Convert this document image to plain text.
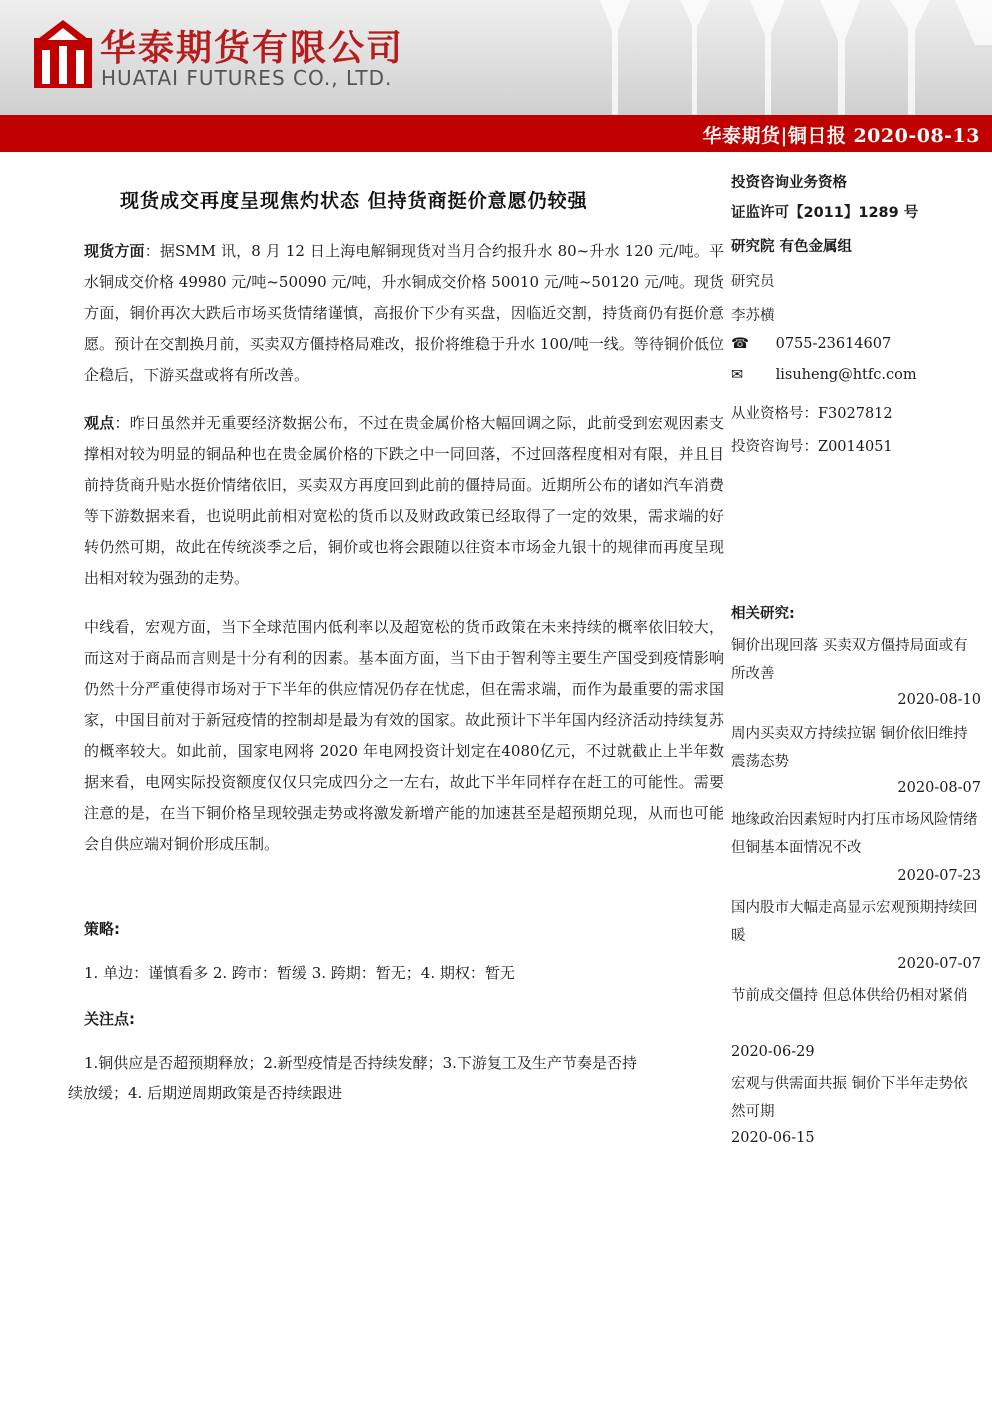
华泰期货有限公司
HUATAI FUTURES CO., LTD.
华泰期货|铜日报 2020-08-13
现货成交再度呈现焦灼状态 但持货商挺价意愿仍较强
现货方面：据SMM 讯，8 月 12 日上海电解铜现货对当月合约报升水 80~升水 120 元/吨。平水铜成交价格 49980 元/吨~50090 元/吨，升水铜成交价格 50010 元/吨~50120 元/吨。现货方面，铜价再次大跌后市场买货情绪谨慎，高报价下少有买盘，因临近交割，持货商仍有挺价意愿。预计在交割换月前，买卖双方僵持格局难改，报价将维稳于升水 100/吨一线。等待铜价低位企稳后，下游买盘或将有所改善。
观点：昨日虽然并无重要经济数据公布，不过在贵金属价格大幅回调之际，此前受到宏观因素支撑相对较为明显的铜品种也在贵金属价格的下跌之中一同回落，不过回落程度相对有限，并且目前持货商升贴水挺价情绪依旧，买卖双方再度回到此前的僵持局面。近期所公布的诸如汽车消费等下游数据来看，也说明此前相对宽松的货币以及财政政策已经取得了一定的效果，需求端的好转仍然可期，故此在传统淡季之后，铜价或也将会跟随以往资本市场金九银十的规律而再度呈现出相对较为强劲的走势。
中线看，宏观方面，当下全球范围内低利率以及超宽松的货币政策在未来持续的概率依旧较大，而这对于商品而言则是十分有利的因素。基本面方面，当下由于智利等主要生产国受到疫情影响仍然十分严重使得市场对于下半年的供应情况仍存在忧虑，但在需求端，而作为最重要的需求国家，中国目前对于新冠疫情的控制却是最为有效的国家。故此预计下半年国内经济活动持续复苏的概率较大。如此前，国家电网将 2020 年电网投资计划定在4080亿元，不过就截止上半年数据来看，电网实际投资额度仅仅只完成四分之一左右，故此下半年同样存在赶工的可能性。需要注意的是，在当下铜价格呈现较强走势或将激发新增产能的加速甚至是超预期兑现，从而也可能会自供应端对铜价形成压制。
策略:
1. 单边：谨慎看多 2. 跨市：暂缓 3. 跨期：暂无；4. 期权：暂无
关注点:
1.铜供应是否超预期释放；2.新型疫情是否持续发酵；3.下游复工及生产节奏是否持
续放缓；4. 后期逆周期政策是否持续跟进
投资咨询业务资格
证监许可【2011】1289 号
研究院 有色金属组
研究员
李苏横
☎ 0755-23614607
✉ lisuheng@htfc.com
从业资格号：F3027812
投资咨询号：Z0014051
相关研究:
铜价出现回落 买卖双方僵持局面或有所改善
2020-08-10
周内买卖双方持续拉锯 铜价依旧维持震荡态势
2020-08-07
地缘政治因素短时内打压市场风险情绪 但铜基本面情况不改
2020-07-23
国内股市大幅走高显示宏观预期持续回暖
2020-07-07
节前成交僵持 但总体供给仍相对紧俏
2020-06-29
宏观与供需面共振 铜价下半年走势依然可期
2020-06-15
